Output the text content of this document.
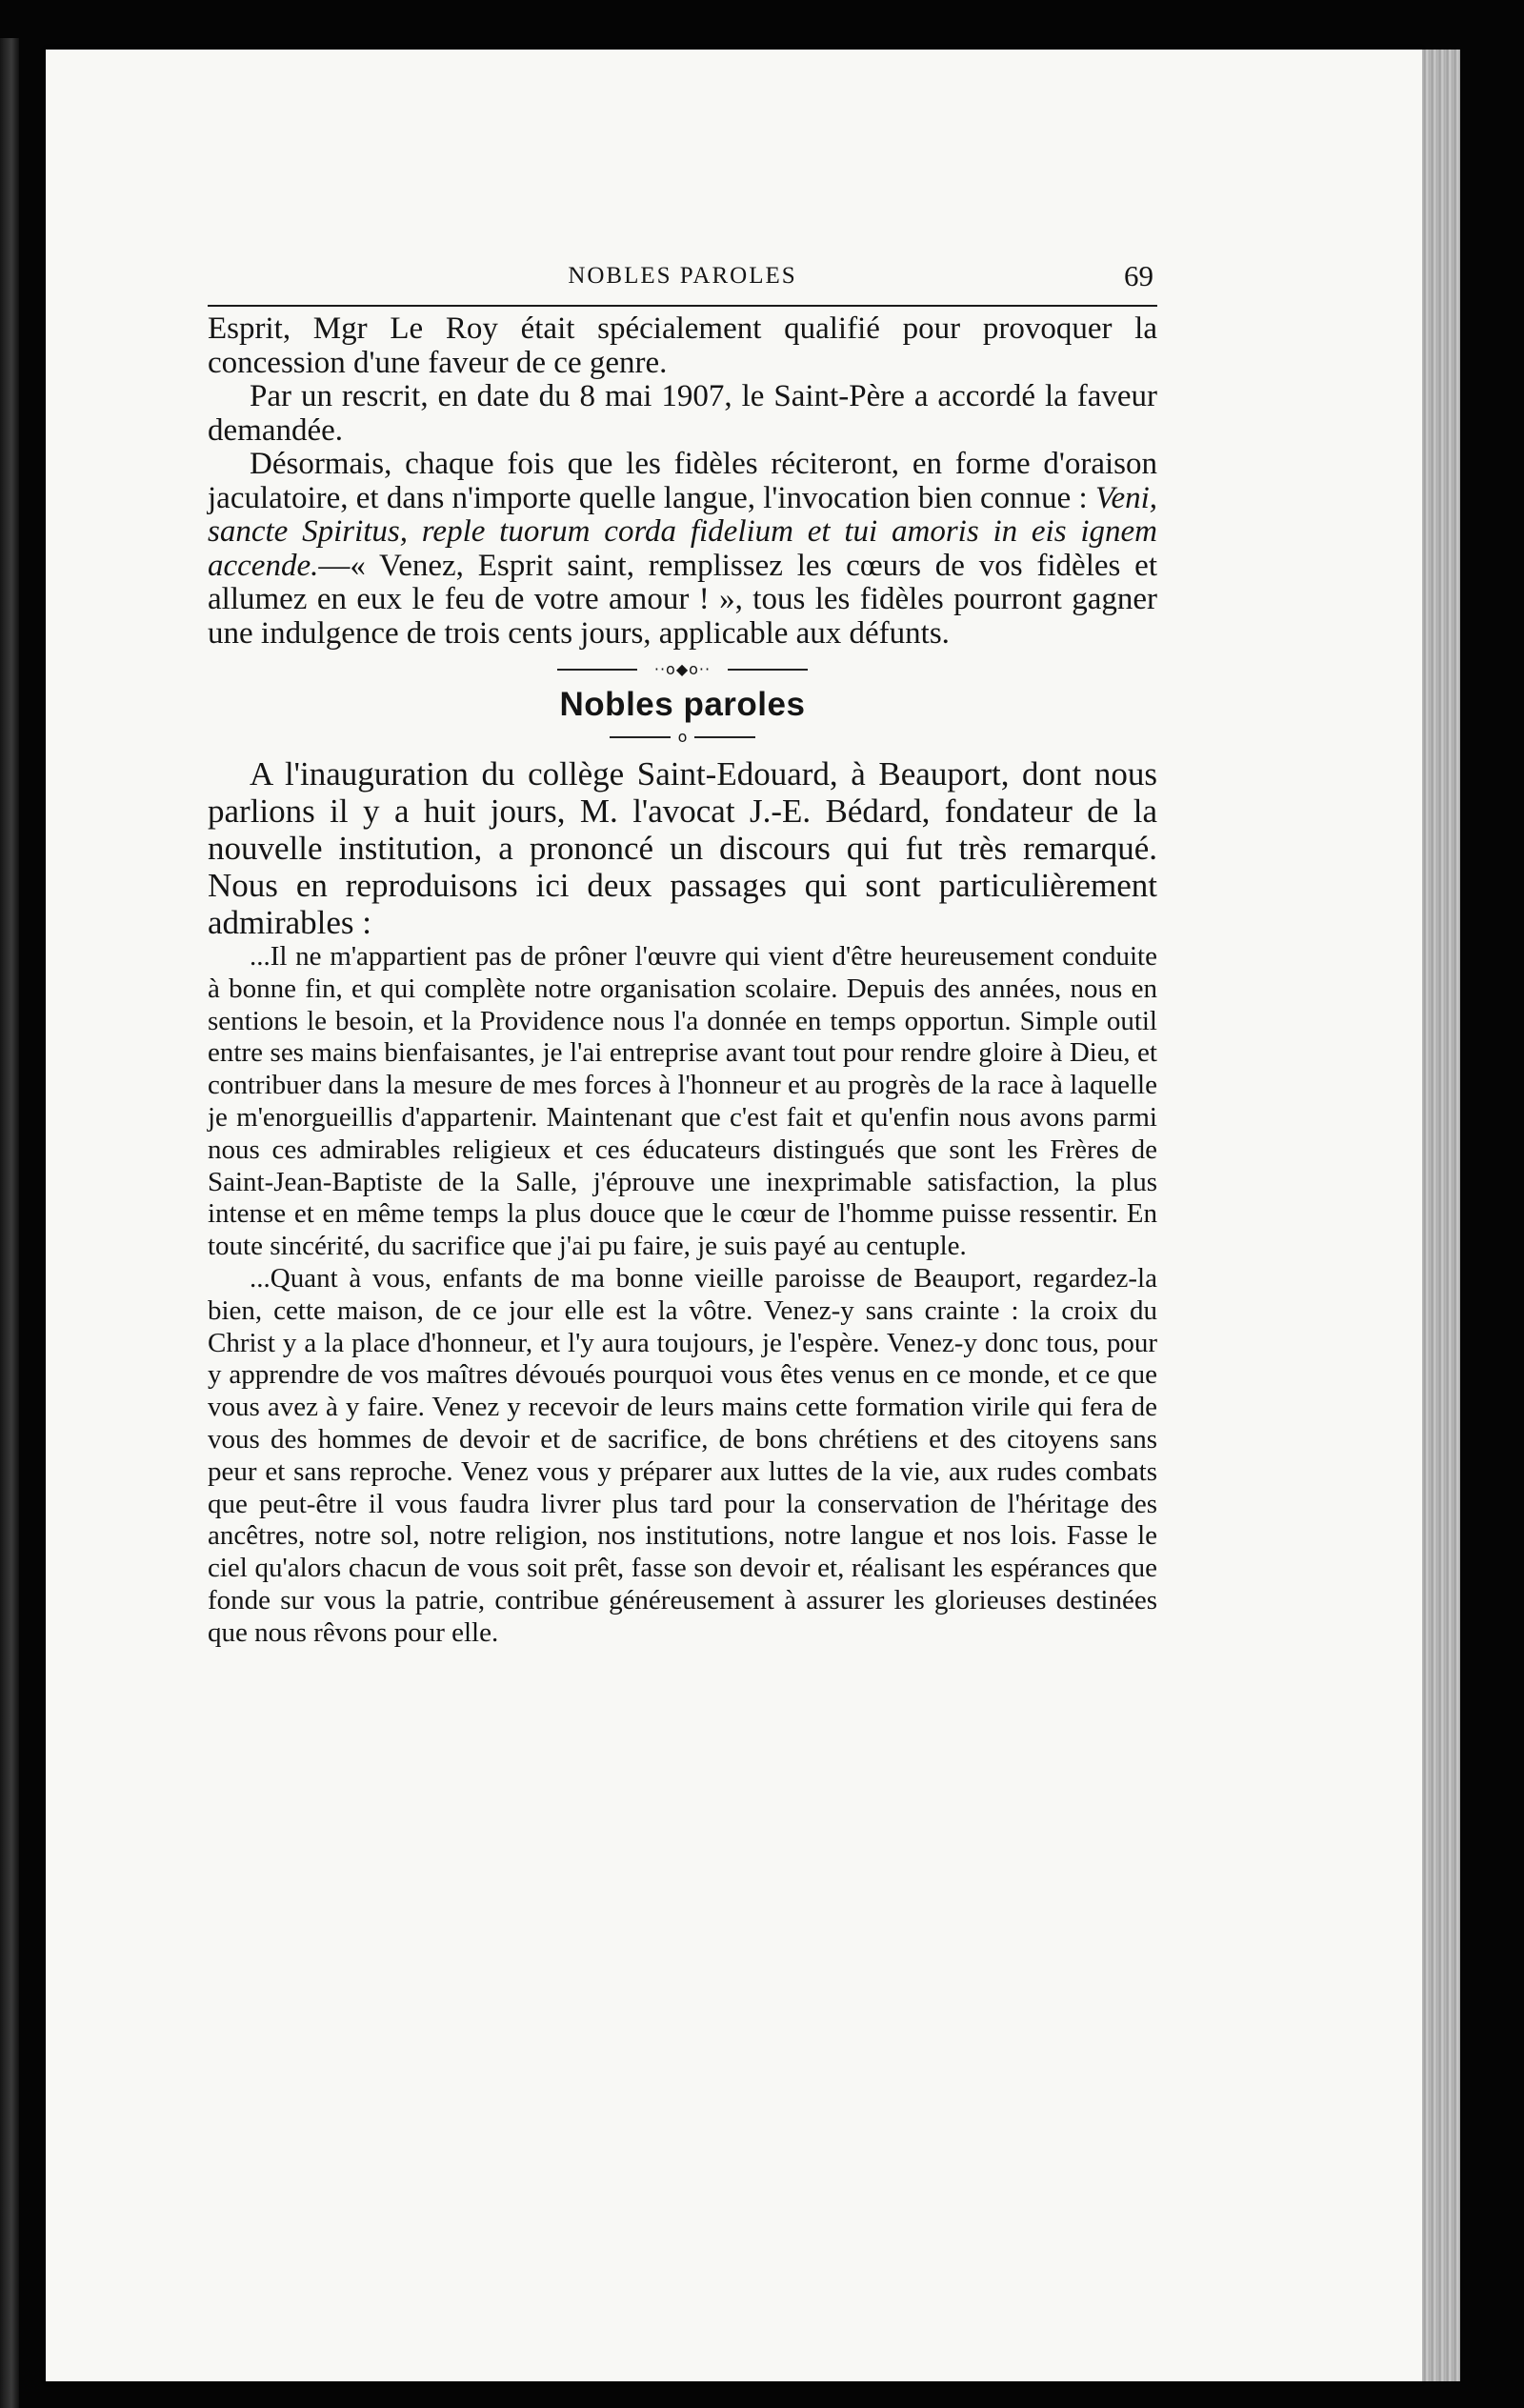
NOBLES PAROLES	69

Esprit, Mgr Le Roy était spécialement qualifié pour provoquer la concession d'une faveur de ce genre.

Par un rescrit, en date du 8 mai 1907, le Saint-Père a accordé la faveur demandée.

Désormais, chaque fois que les fidèles réciteront, en forme d'oraison jaculatoire, et dans n'importe quelle langue, l'invocation bien connue : Veni, sancte Spiritus, reple tuorum corda fidelium et tui amoris in eis ignem accende.—« Venez, Esprit saint, remplissez les cœurs de vos fidèles et allumez en eux le feu de votre amour ! », tous les fidèles pourront gagner une indulgence de trois cents jours, applicable aux défunts.

··o◆o··
Nobles paroles
o

A l'inauguration du collège Saint-Edouard, à Beauport, dont nous parlions il y a huit jours, M. l'avocat J.-E. Bédard, fondateur de la nouvelle institution, a prononcé un discours qui fut très remarqué. Nous en reproduisons ici deux passages qui sont particulièrement admirables :

...Il ne m'appartient pas de prôner l'œuvre qui vient d'être heureusement conduite à bonne fin, et qui complète notre organisation scolaire. Depuis des années, nous en sentions le besoin, et la Providence nous l'a donnée en temps opportun. Simple outil entre ses mains bienfaisantes, je l'ai entreprise avant tout pour rendre gloire à Dieu, et contribuer dans la mesure de mes forces à l'honneur et au progrès de la race à laquelle je m'enorgueillis d'appartenir. Maintenant que c'est fait et qu'enfin nous avons parmi nous ces admirables religieux et ces éducateurs distingués que sont les Frères de Saint-Jean-Baptiste de la Salle, j'éprouve une inexprimable satisfaction, la plus intense et en même temps la plus douce que le cœur de l'homme puisse ressentir. En toute sincérité, du sacrifice que j'ai pu faire, je suis payé au centuple.

...Quant à vous, enfants de ma bonne vieille paroisse de Beauport, regardez-la bien, cette maison, de ce jour elle est la vôtre. Venez-y sans crainte : la croix du Christ y a la place d'honneur, et l'y aura toujours, je l'espère. Venez-y donc tous, pour y apprendre de vos maîtres dévoués pourquoi vous êtes venus en ce monde, et ce que vous avez à y faire. Venez y recevoir de leurs mains cette formation virile qui fera de vous des hommes de devoir et de sacrifice, de bons chrétiens et des citoyens sans peur et sans reproche. Venez vous y préparer aux luttes de la vie, aux rudes combats que peut-être il vous faudra livrer plus tard pour la conservation de l'héritage des ancêtres, notre sol, notre religion, nos institutions, notre langue et nos lois. Fasse le ciel qu'alors chacun de vous soit prêt, fasse son devoir et, réalisant les espérances que fonde sur vous la patrie, contribue généreusement à assurer les glorieuses destinées que nous rêvons pour elle.
